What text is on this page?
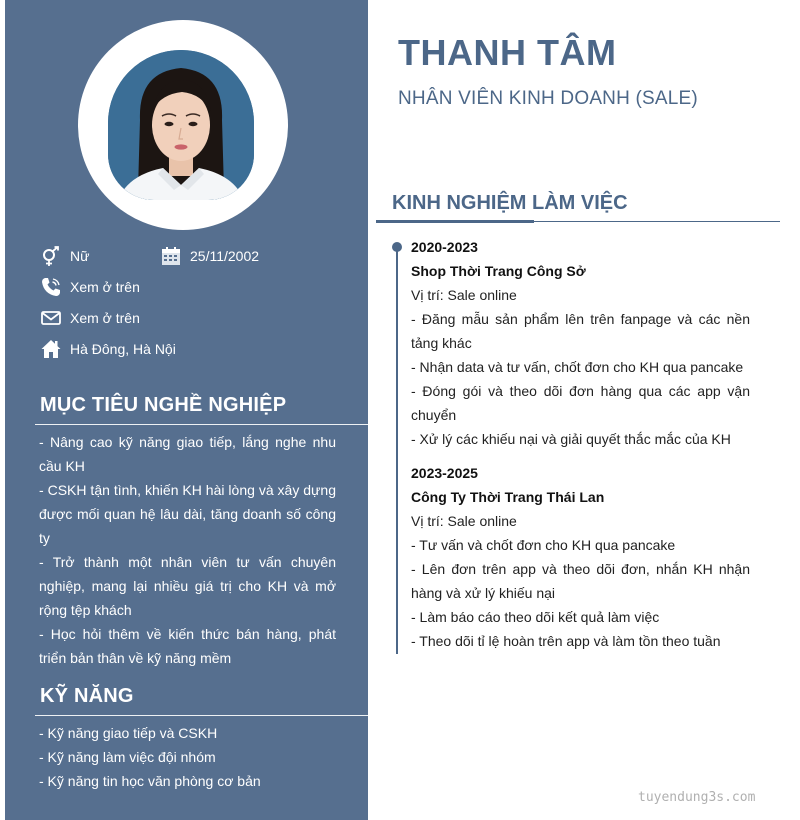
Nữ	25/11/2002
Xem ở trên
Xem ở trên
Hà Đông, Hà Nội
MỤC TIÊU NGHỀ NGHIỆP
- Nâng cao kỹ năng giao tiếp, lắng nghe nhu cầu KH
- CSKH tận tình, khiến KH hài lòng và xây dựng được mối quan hệ lâu dài, tăng doanh số công ty
- Trở thành một nhân viên tư vấn chuyên nghiệp, mang lại nhiều giá trị cho KH và mở rộng tệp khách
- Học hỏi thêm về kiến thức bán hàng, phát triển bản thân về kỹ năng mềm
KỸ NĂNG
- Kỹ năng giao tiếp và CSKH
- Kỹ năng làm việc đội nhóm
- Kỹ năng tin học văn phòng cơ bản
THANH TÂM
NHÂN VIÊN KINH DOANH (SALE)
KINH NGHIỆM LÀM VIỆC
2020-2023
Shop Thời Trang Công Sở
Vị trí: Sale online
- Đăng mẫu sản phẩm lên trên fanpage và các nền tảng khác
- Nhận data và tư vấn, chốt đơn cho KH qua pancake
- Đóng gói và theo dõi đơn hàng qua các app vận chuyển
- Xử lý các khiếu nại và giải quyết thắc mắc của KH
2023-2025
Công Ty Thời Trang Thái Lan
Vị trí: Sale online
- Tư vấn và chốt đơn cho KH qua pancake
- Lên đơn trên app và theo dõi đơn, nhắn KH nhận hàng và xử lý khiếu nại
- Làm báo cáo theo dõi kết quả làm việc
- Theo dõi tỉ lệ hoàn trên app và làm tồn theo tuần
tuyendung3s.com
